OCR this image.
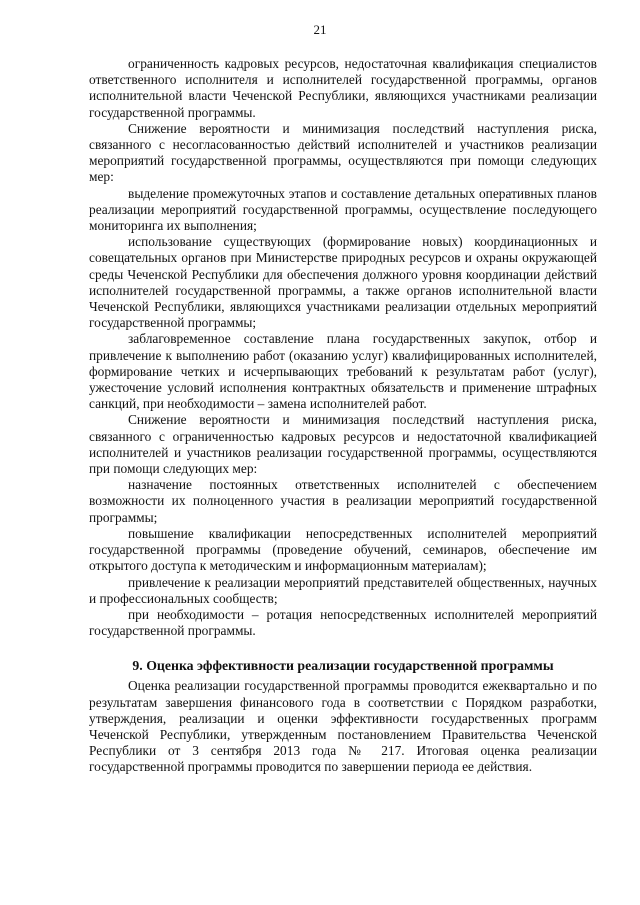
21

ограниченность кадровых ресурсов, недостаточная квалификация специалистов ответственного исполнителя и исполнителей государственной программы, органов исполнительной власти Чеченской Республики, являющихся участниками реализации государственной программы.

Снижение вероятности и минимизация последствий наступления риска, связанного с несогласованностью действий исполнителей и участников реализации мероприятий государственной программы, осуществляются при помощи следующих мер:

выделение промежуточных этапов и составление детальных оперативных планов реализации мероприятий государственной программы, осуществление последующего мониторинга их выполнения;

использование существующих (формирование новых) координационных и совещательных органов при Министерстве природных ресурсов и охраны окружающей среды Чеченской Республики для обеспечения должного уровня координации действий исполнителей государственной программы, а также органов исполнительной власти Чеченской Республики, являющихся участниками реализации отдельных мероприятий государственной программы;

заблаговременное составление плана государственных закупок, отбор и привлечение к выполнению работ (оказанию услуг) квалифицированных исполнителей, формирование четких и исчерпывающих требований к результатам работ (услуг), ужесточение условий исполнения контрактных обязательств и применение штрафных санкций, при необходимости – замена исполнителей работ.

Снижение вероятности и минимизация последствий наступления риска, связанного с ограниченностью кадровых ресурсов и недостаточной квалификацией исполнителей и участников реализации государственной программы, осуществляются при помощи следующих мер:

назначение постоянных ответственных исполнителей с обеспечением возможности их полноценного участия в реализации мероприятий государственной программы;

повышение квалификации непосредственных исполнителей мероприятий государственной программы (проведение обучений, семинаров, обеспечение им открытого доступа к методическим и информационным материалам);

привлечение к реализации мероприятий представителей общественных, научных и профессиональных сообществ;

при необходимости – ротация непосредственных исполнителей мероприятий государственной программы.

9. Оценка эффективности реализации государственной программы

Оценка реализации государственной программы проводится ежеквартально и по результатам завершения финансового года в соответствии с Порядком разработки, утверждения, реализации и оценки эффективности государственных программ Чеченской Республики, утвержденным постановлением Правительства Чеченской Республики от 3 сентября 2013 года № 217. Итоговая оценка реализации государственной программы проводится по завершении периода ее действия.
